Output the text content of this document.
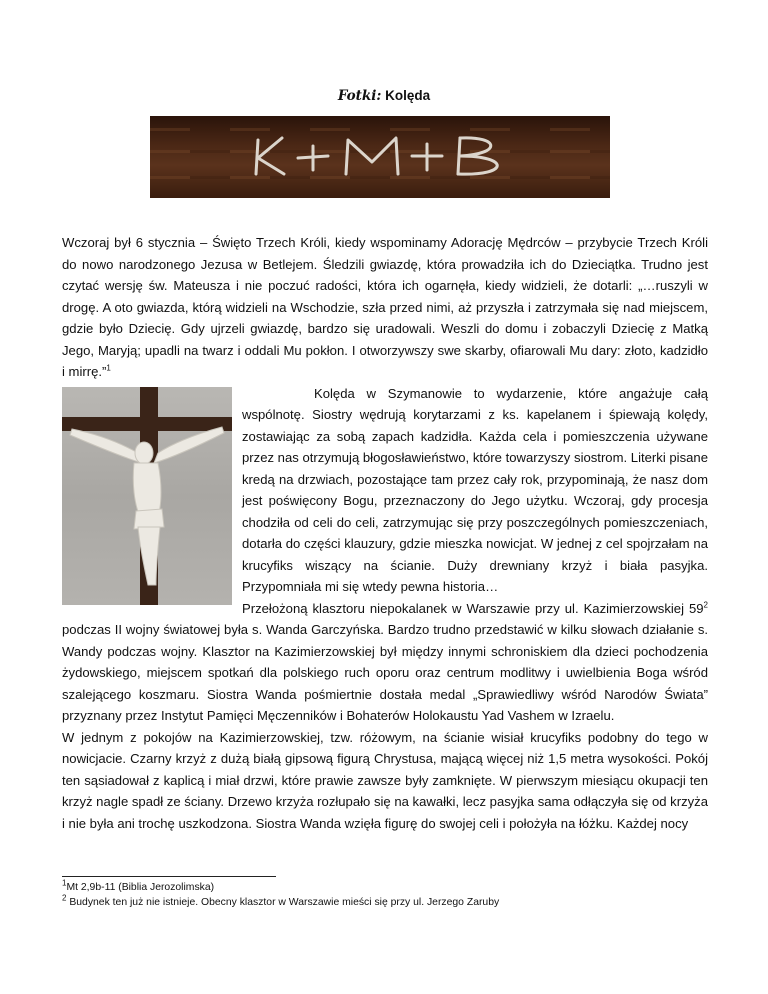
Fotki: Kolęda

Wczoraj był 6 stycznia – Święto Trzech Króli, kiedy wspominamy Adorację Mędrców – przybycie Trzech Króli do nowo narodzonego Jezusa w Betlejem. Śledzili gwiazdę, która prowadziła ich do Dzieciątka. Trudno jest czytać wersję św. Mateusza i nie poczuć radości, która ich ogarnęła, kiedy widzieli, że dotarli: „…ruszyli w drogę. A oto gwiazda, którą widzieli na Wschodzie, szła przed nimi, aż przyszła i zatrzymała się nad miejscem, gdzie było Dziecię. Gdy ujrzeli gwiazdę, bardzo się uradowali. Weszli do domu i zobaczyli Dziecię z Matką Jego, Maryją; upadli na twarz i oddali Mu pokłon. I otworzywszy swe skarby, ofiarowali Mu dary: złoto, kadzidło i mirrę.”$^1$

Kolęda w Szymanowie to wydarzenie, które angażuje całą wspólnotę. Siostry wędrują korytarzami z ks. kapelanem i śpiewają kolędy, zostawiając za sobą zapach kadzidła. Każda cela i pomieszczenia używane przez nas otrzymują błogosławieństwo, które towarzyszy siostrom. Literki pisane kredą na drzwiach, pozostające tam przez cały rok, przypominają, że nasz dom jest poświęcony Bogu, przeznaczony do Jego użytku. Wczoraj, gdy procesja chodziła od celi do celi, zatrzymując się przy poszczególnych pomieszczeniach, dotarła do części klauzury, gdzie mieszka nowicjat. W jednej z cel spojrzałam na krucyfiks wiszący na ścianie. Duży drewniany krzyż i biała pasyjka. Przypomniała mi się wtedy pewna historia…

Przełożoną klasztoru niepokalanek w Warszawie przy ul. Kazimierzowskiej $59^2$ podczas II wojny światowej była s. Wanda Garczyńska. Bardzo trudno przedstawić w kilku słowach działanie s. Wandy podczas wojny. Klasztor na Kazimierzowskiej był między innymi schroniskiem dla dzieci pochodzenia żydowskiego, miejscem spotkań dla polskiego ruch oporu oraz centrum modlitwy i uwielbienia Boga wśród szalejącego koszmaru. Siostra Wanda pośmiertnie dostała medal „Sprawiedliwy wśród Narodów Świata” przyznany przez Instytut Pamięci Męczenników i Bohaterów Holokaustu Yad Vashem w Izraelu.

W jednym z pokojów na Kazimierzowskiej, tzw. różowym, na ścianie wisiał krucyfiks podobny do tego w nowicjacie. Czarny krzyż z dużą białą gipsową figurą Chrystusa, mającą więcej niż 1,5 metra wysokości. Pokój ten sąsiadował z kaplicą i miał drzwi, które prawie zawsze były zamknięte. W pierwszym miesiącu okupacji ten krzyż nagle spadł ze ściany. Drzewo krzyża rozłupało się na kawałki, lecz pasyjka sama odłączyła się od krzyża i nie była ani trochę uszkodzona. Siostra Wanda wzięła figurę do swojej celi i położyła na łóżku. Każdej nocy

$^1$Mt 2,9b-11 (Biblia Jerozolimska)
$^2$ Budynek ten już nie istnieje. Obecny klasztor w Warszawie mieści się przy ul. Jerzego Zaruby
